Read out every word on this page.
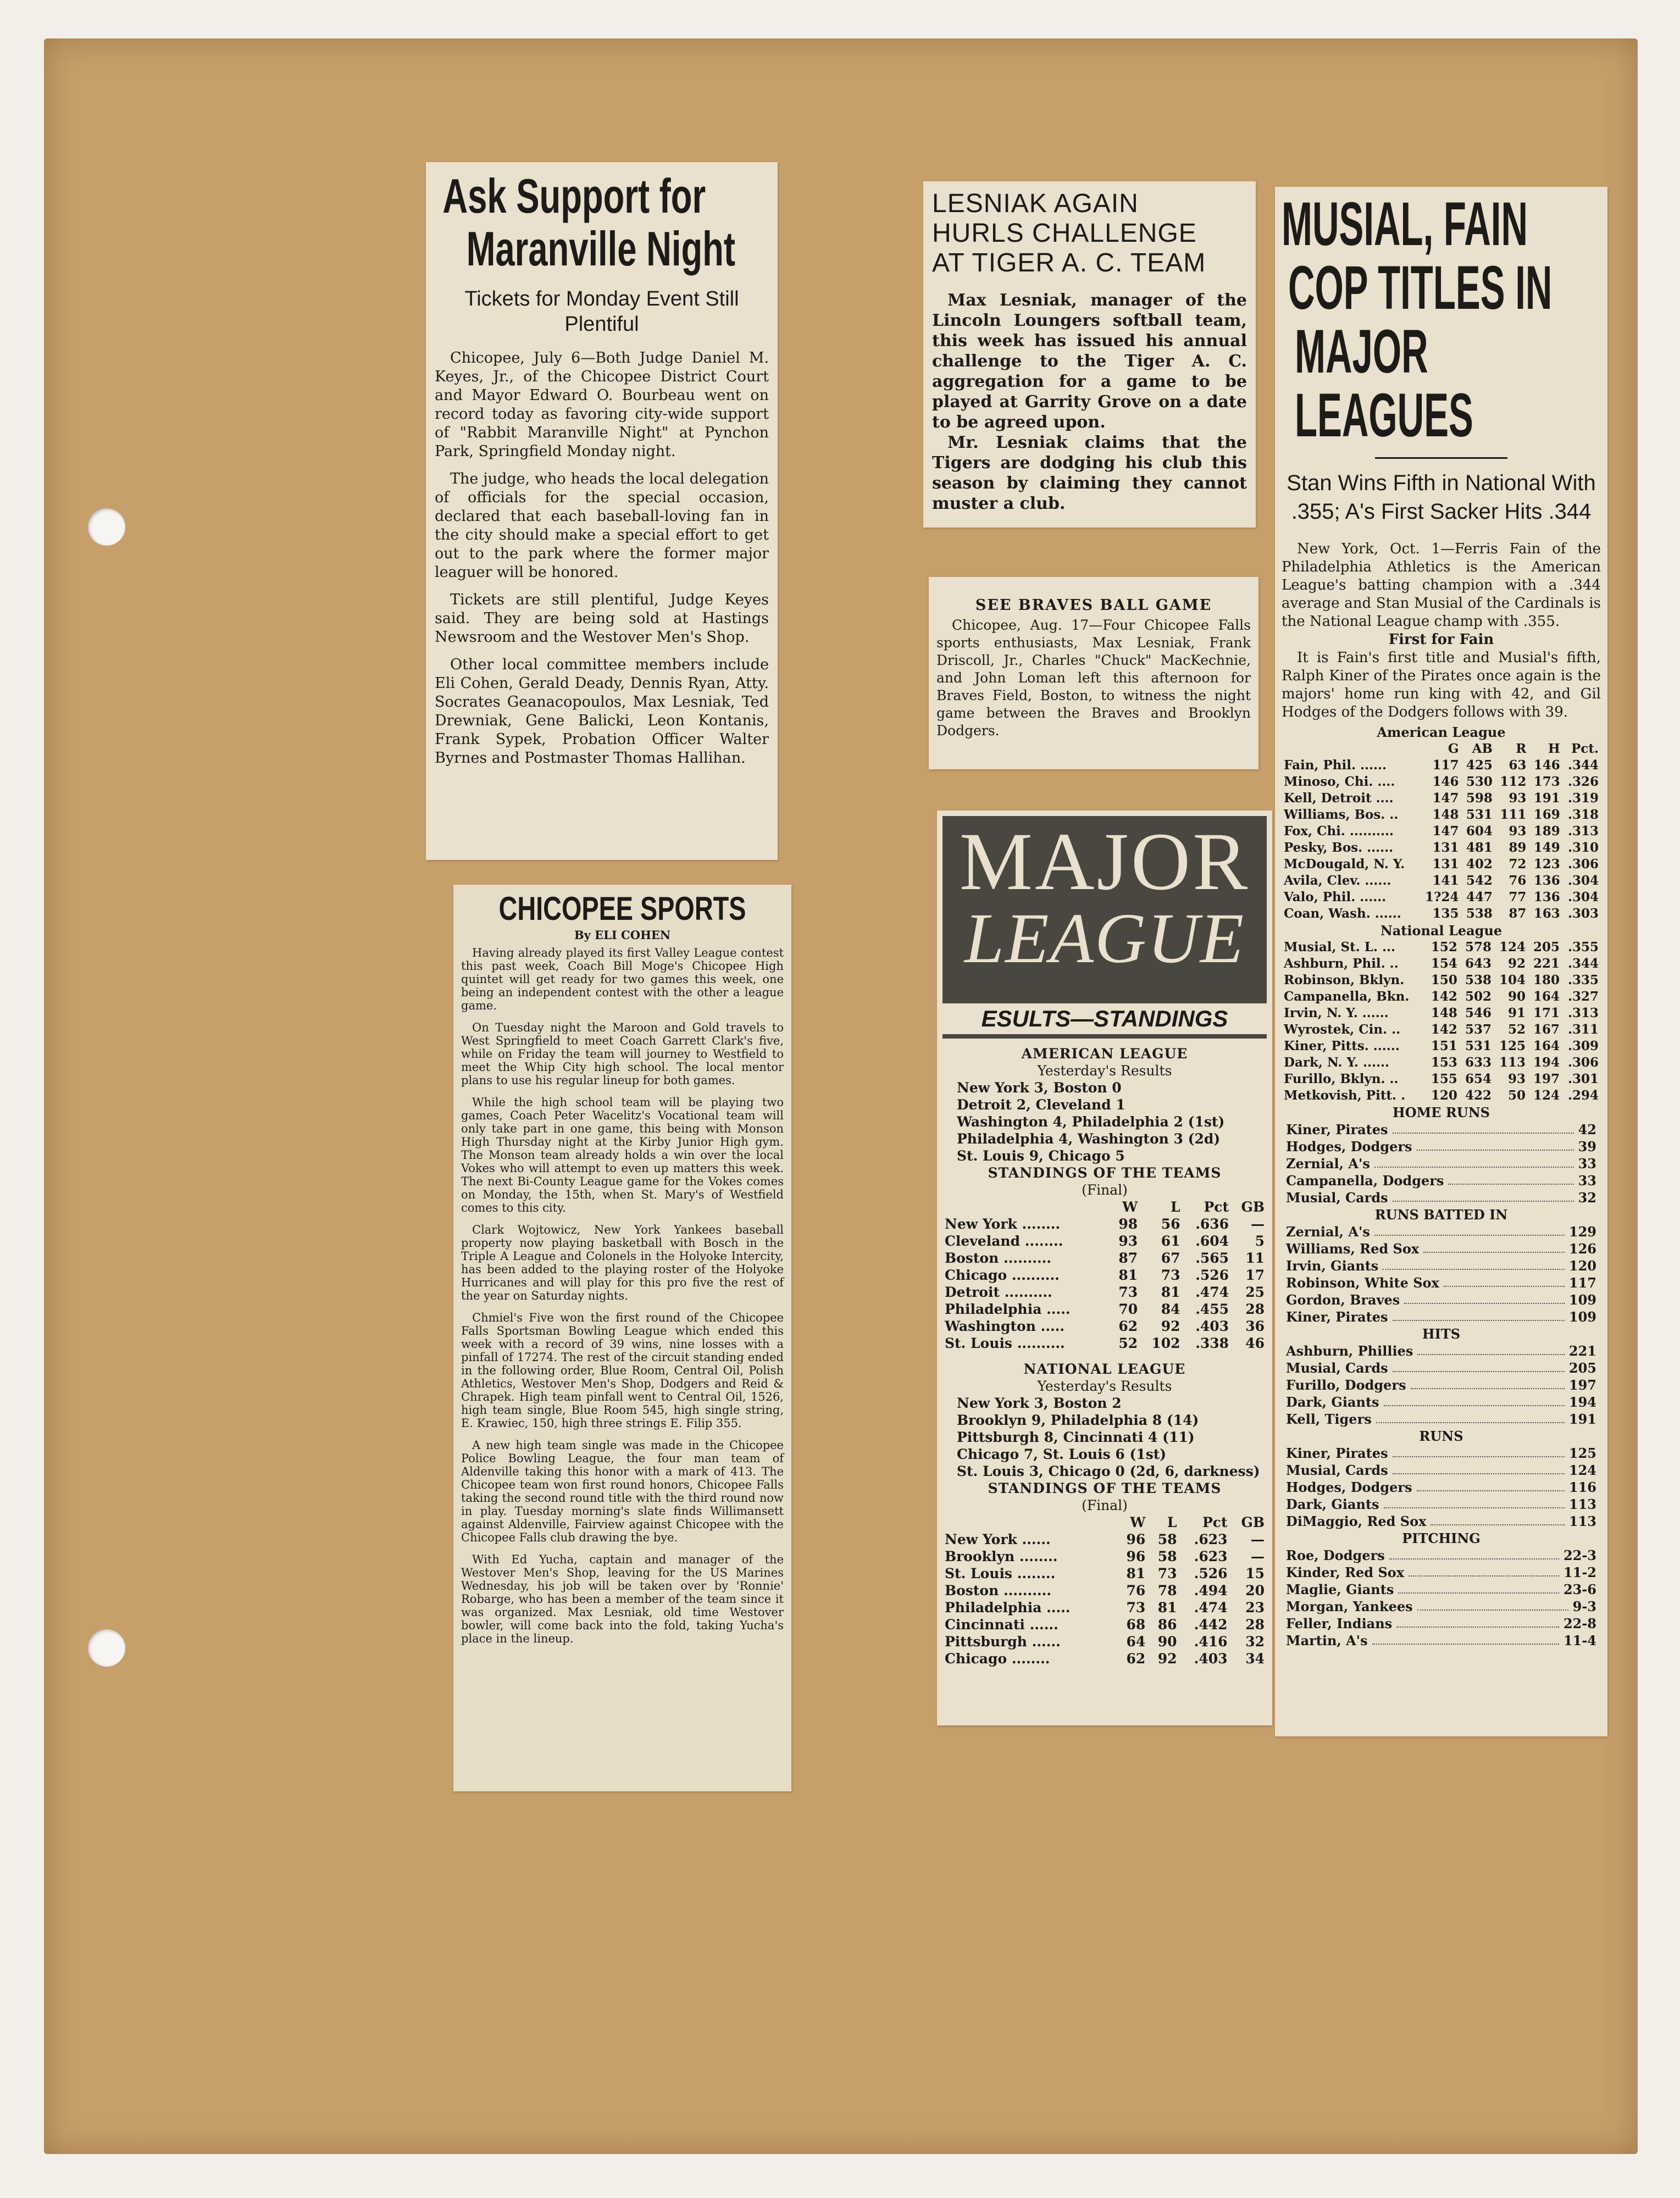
Ask Support for
Maranville Night
Tickets for Monday Event Still Plentiful

Chicopee, July 6—Both Judge Daniel M. Keyes, Jr., of the Chicopee District Court and Mayor Edward O. Bourbeau went on record today as favoring city-wide support of "Rabbit Maranville Night" at Pynchon Park, Springfield Monday night.

The judge, who heads the local delegation of officials for the special occasion, declared that each baseball-loving fan in the city should make a special effort to get out to the park where the former major leaguer will be honored.

Tickets are still plentiful, Judge Keyes said. They are being sold at Hastings Newsroom and the Westover Men's Shop.

Other local committee members include Eli Cohen, Gerald Deady, Dennis Ryan, Atty. Socrates Geanacopoulos, Max Lesniak, Ted Drewniak, Gene Balicki, Leon Kontanis, Frank Sypek, Probation Officer Walter Byrnes and Postmaster Thomas Hallihan.

CHICOPEE SPORTS
By ELI COHEN

Having already played its first Valley League contest this past week, Coach Bill Moge's Chicopee High quintet will get ready for two games this week, one being an independent contest with the other a league game.

On Tuesday night the Maroon and Gold travels to West Springfield to meet Coach Garrett Clark's five, while on Friday the team will journey to Westfield to meet the Whip City high school. The local mentor plans to use his regular lineup for both games.

While the high school team will be playing two games, Coach Peter Wacelitz's Vocational team will only take part in one game, this being with Monson High Thursday night at the Kirby Junior High gym. The Monson team already holds a win over the local Vokes who will attempt to even up matters this week. The next Bi-County League game for the Vokes comes on Monday, the 15th, when St. Mary's of Westfield comes to this city.

Clark Wojtowicz, New York Yankees baseball property now playing basketball with Bosch in the Triple A League and Colonels in the Holyoke Intercity, has been added to the playing roster of the Holyoke Hurricanes and will play for this pro five the rest of the year on Saturday nights.

Chmiel's Five won the first round of the Chicopee Falls Sportsman Bowling League which ended this week with a record of 39 wins, nine losses with a pinfall of 17274. The rest of the circuit standing ended in the following order, Blue Room, Central Oil, Polish Athletics, Westover Men's Shop, Dodgers and Reid & Chrapek. High team pinfall went to Central Oil, 1526, high team single, Blue Room 545, high single string, E. Krawiec, 150, high three strings E. Filip 355.

A new high team single was made in the Chicopee Police Bowling League, the four man team of Aldenville taking this honor with a mark of 413. The Chicopee team won first round honors, Chicopee Falls taking the second round title with the third round now in play. Tuesday morning's slate finds Willimansett against Aldenville, Fairview against Chicopee with the Chicopee Falls club drawing the bye.

With Ed Yucha, captain and manager of the Westover Men's Shop, leaving for the US Marines Wednesday, his job will be taken over by 'Ronnie' Robarge, who has been a member of the team since it was organized. Max Lesniak, old time Westover bowler, will come back into the fold, taking Yucha's place in the lineup.

LESNIAK AGAIN
HURLS CHALLENGE
AT TIGER A. C. TEAM

Max Lesniak, manager of the Lincoln Loungers softball team, this week has issued his annual challenge to the Tiger A. C. aggregation for a game to be played at Garrity Grove on a date to be agreed upon.

Mr. Lesniak claims that the Tigers are dodging his club this season by claiming they cannot muster a club.

SEE BRAVES BALL GAME

Chicopee, Aug. 17—Four Chicopee Falls sports enthusiasts, Max Lesniak, Frank Driscoll, Jr., Charles "Chuck" MacKechnie, and John Loman left this afternoon for Braves Field, Boston, to witness the night game between the Braves and Brooklyn Dodgers.

MAJOR
LEAGUE
ESULTS—STANDINGS
AMERICAN LEAGUE
Yesterday's Results
New York 3, Boston 0
Detroit 2, Cleveland 1
Washington 4, Philadelphia 2 (1st)
Philadelphia 4, Washington 3 (2d)
St. Louis 9, Chicago 5
STANDINGS OF THE TEAMS
(Final)
	W	L	Pct	GB
New York ........	98	56	.636	—
Cleveland ........	93	61	.604	5
Boston ..........	87	67	.565	11
Chicago ..........	81	73	.526	17
Detroit ..........	73	81	.474	25
Philadelphia .....	70	84	.455	28
Washington .....	62	92	.403	36
St. Louis ..........	52	102	.338	46
NATIONAL LEAGUE
Yesterday's Results
New York 3, Boston 2
Brooklyn 9, Philadelphia 8 (14)
Pittsburgh 8, Cincinnati 4 (11)
Chicago 7, St. Louis 6 (1st)
St. Louis 3, Chicago 0 (2d, 6, darkness)
STANDINGS OF THE TEAMS
(Final)
	W	L	Pct	GB
New York ......	96	58	.623	—
Brooklyn ........	96	58	.623	—
St. Louis ........	81	73	.526	15
Boston ..........	76	78	.494	20
Philadelphia .....	73	81	.474	23
Cincinnati ......	68	86	.442	28
Pittsburgh ......	64	90	.416	32
Chicago ........	62	92	.403	34
MUSIAL, FAIN
COP TITLES IN
MAJOR LEAGUES
Stan Wins Fifth in National With .355; A's First Sacker Hits .344

New York, Oct. 1—Ferris Fain of the Philadelphia Athletics is the American League's batting champion with a .344 average and Stan Musial of the Cardinals is the National League champ with .355.

First for Fain

It is Fain's first title and Musial's fifth, Ralph Kiner of the Pirates once again is the majors' home run king with 42, and Gil Hodges of the Dodgers follows with 39.

American League
	G	AB	R	H	Pct.
Fain, Phil. ......	117	425	63	146	.344
Minoso, Chi. ....	146	530	112	173	.326
Kell, Detroit ....	147	598	93	191	.319
Williams, Bos. ..	148	531	111	169	.318
Fox, Chi. ..........	147	604	93	189	.313
Pesky, Bos. ......	131	481	89	149	.310
McDougald, N. Y.	131	402	72	123	.306
Avila, Clev. ......	141	542	76	136	.304
Valo, Phil. ......	1?24	447	77	136	.304
Coan, Wash. ......	135	538	87	163	.303
National League
Musial, St. L. ...	152	578	124	205	.355
Ashburn, Phil. ..	154	643	92	221	.344
Robinson, Bklyn.	150	538	104	180	.335
Campanella, Bkn.	142	502	90	164	.327
Irvin, N. Y. ......	148	546	91	171	.313
Wyrostek, Cin. ..	142	537	52	167	.311
Kiner, Pitts. ......	151	531	125	164	.309
Dark, N. Y. ......	153	633	113	194	.306
Furillo, Bklyn. ..	155	654	93	197	.301
Metkovish, Pitt. .	120	422	50	124	.294
HOME RUNS
Kiner, Pirates	42
Hodges, Dodgers	39
Zernial, A's	33
Campanella, Dodgers	33
Musial, Cards	32
RUNS BATTED IN
Zernial, A's	129
Williams, Red Sox	126
Irvin, Giants	120
Robinson, White Sox	117
Gordon, Braves	109
Kiner, Pirates	109
HITS
Ashburn, Phillies	221
Musial, Cards	205
Furillo, Dodgers	197
Dark, Giants	194
Kell, Tigers	191
RUNS
Kiner, Pirates	125
Musial, Cards	124
Hodges, Dodgers	116
Dark, Giants	113
DiMaggio, Red Sox	113
PITCHING
Roe, Dodgers	22-3
Kinder, Red Sox	11-2
Maglie, Giants	23-6
Morgan, Yankees	9-3
Feller, Indians	22-8
Martin, A's	11-4
